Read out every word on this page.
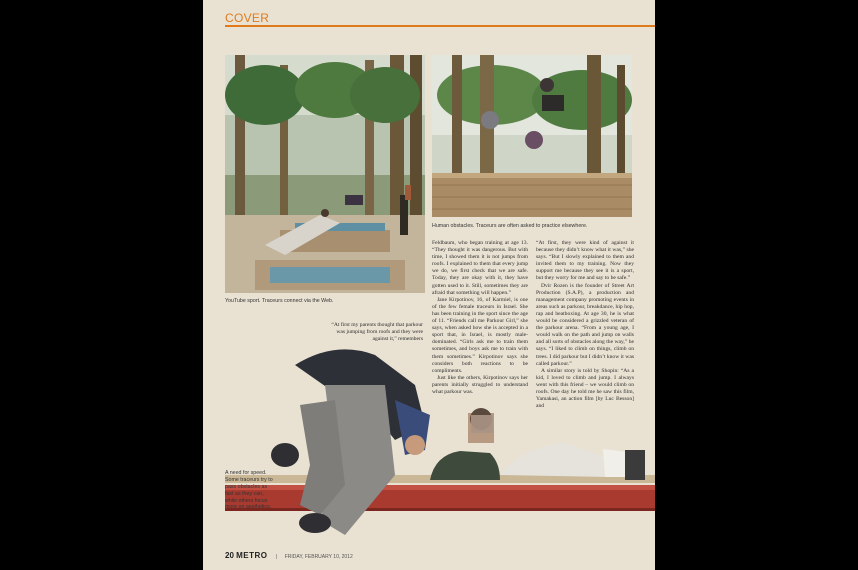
COVER
YouTube sport. Traceurs connect via the Web.
Human obstacles. Traceurs are often asked to practice elsewhere.

“At first my parents thought that parkour was jumping from roofs and they were against it,” remembers

Feldbaum, who began training at age 13. “They thought it was dangerous. But with time, I showed them it is not jumps from roofs. I explained to them that every jump we do, we first check that we are safe. Today, they are okay with it, they have gotten used to it. Still, sometimes they are afraid that something will happen.”

Jane Kirpotinov, 16, of Karmiel, is one of the few female traceurs in Israel. She has been training in the sport since the age of 11. “Friends call me Parkour Girl,” she says, when asked how she is accepted in a sport that, in Israel, is mostly male-dominated. “Girls ask me to train them sometimes, and boys ask me to train with them sometimes.” Kirpotinov says she considers both reactions to be compliments.

Just like the others, Kirpotinov says her parents initially struggled to understand what parkour was.

“At first, they were kind of against it because they didn’t know what it was,” she says. “But I slowly explained to them and invited them to my training. Now they support me because they see it is a sport, but they worry for me and say to be safe.”

Dvir Rozen is the founder of Street Art Production (S.A.P), a production and management company promoting events in areas such as parkour, breakdance, hip hop, rap and beatboxing. At age 30, he is what would be considered a grizzled veteran of the parkour arena. “From a young age, I would walk on the path and jump on walls and all sorts of obstacles along the way,” he says. “I liked to climb on things, climb on trees. I did parkour but I didn’t know it was called parkour.”

A similar story is told by Shopin: “As a kid, I loved to climb and jump. I always went with this friend – we would climb on roofs. One day he told me he saw this film, Yamakasi, an action film [by Luc Besson] and

A need for speed. Some traceurs try to pass obstacles as fast as they can, while others focus more on aesthetics.
20 METRO | FRIDAY, FEBRUARY 10, 2012
